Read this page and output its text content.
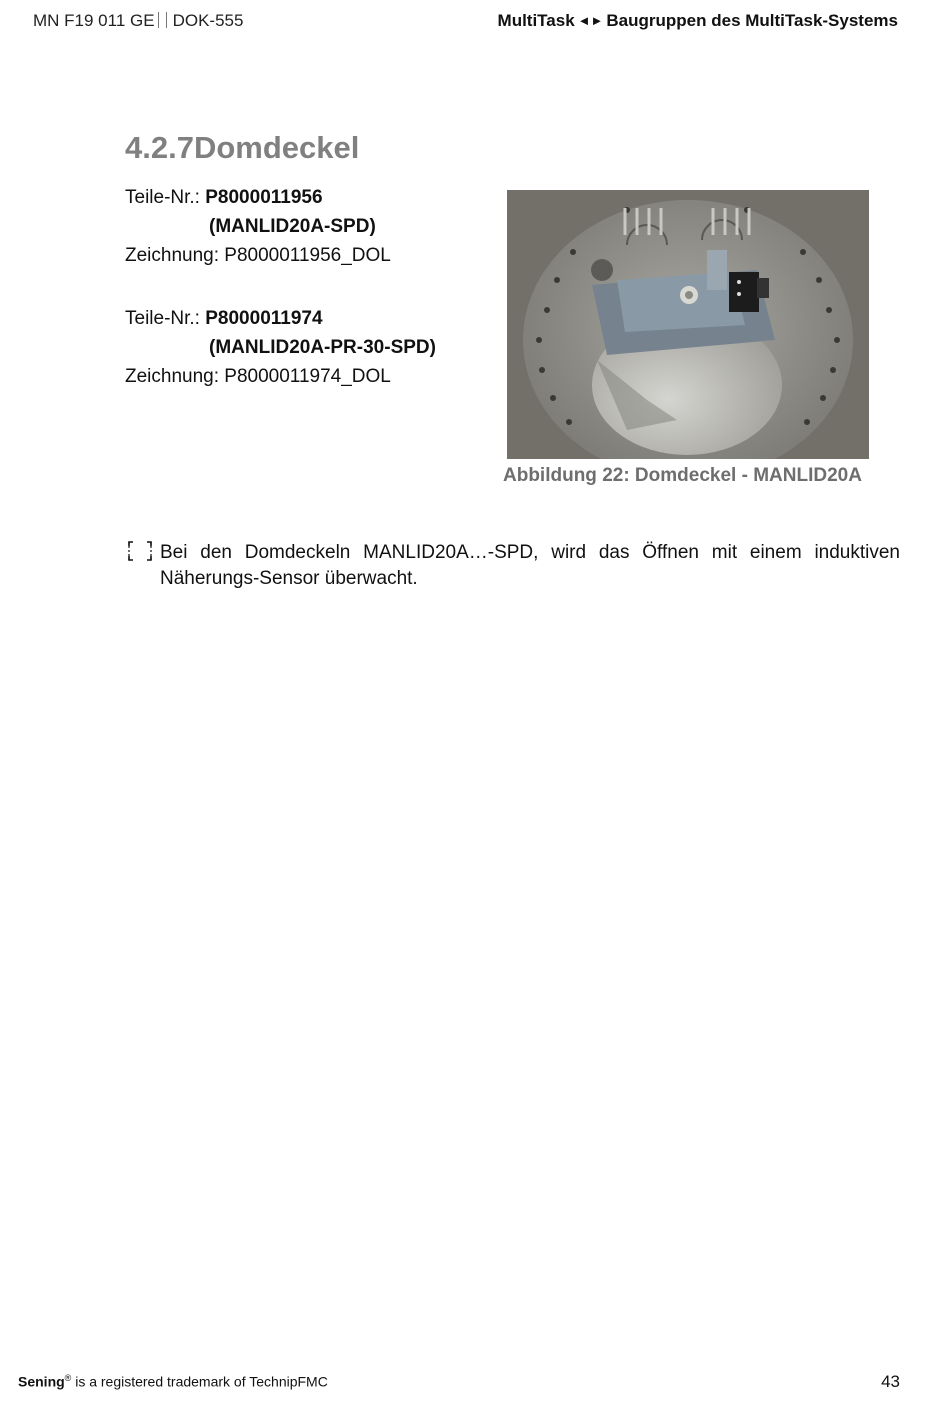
MN F19 011 GE DOK-555	MultiTask ◄► Baugruppen des MultiTask-Systems
4.2.7Domdeckel
Teile-Nr.: P8000011956
(MANLID20A-SPD)
Zeichnung: P8000011956_DOL
Teile-Nr.: P8000011974
(MANLID20A-PR-30-SPD)
Zeichnung: P8000011974_DOL
Abbildung 22: Domdeckel - MANLID20A
Bei den Domdeckeln MANLID20A…-SPD, wird das Öffnen mit einem induktiven
Näherungs-Sensor überwacht.
Sening® is a registered trademark of TechnipFMC	43
